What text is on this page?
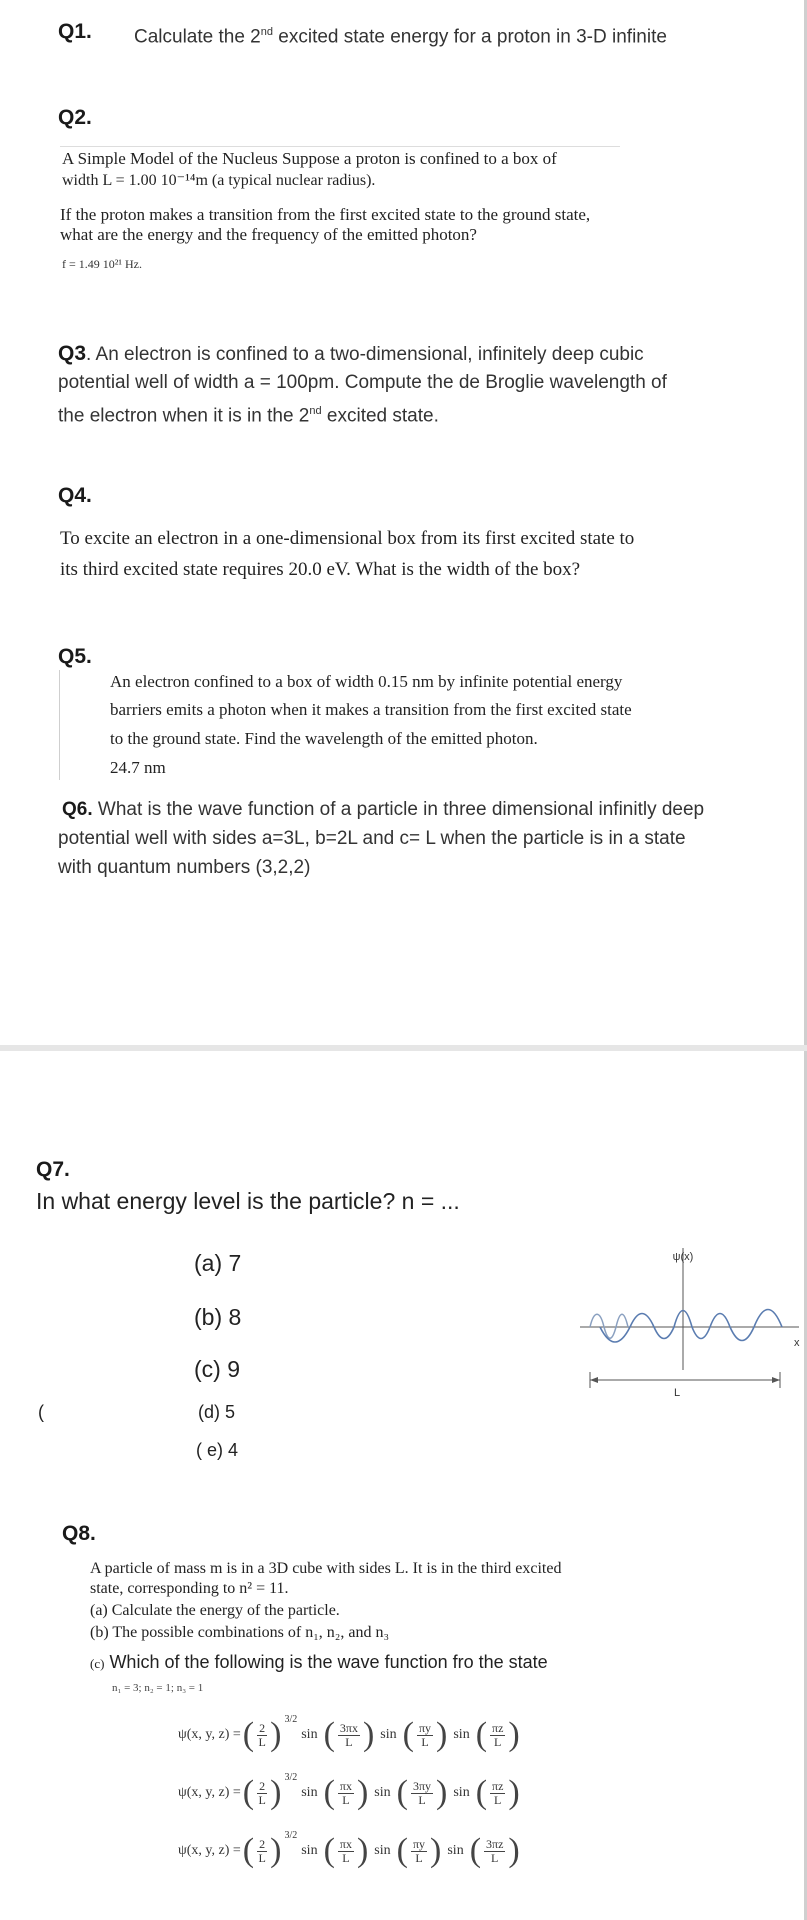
Q1. Calculate the 2nd excited state energy for a proton in 3-D infinite
Q2.
A Simple Model of the Nucleus Suppose a proton is confined to a box of
width L = 1.00 10⁻¹⁴m (a typical nuclear radius).
If the proton makes a transition from the first excited state to the ground state,
what are the energy and the frequency of the emitted photon?
f = 1.49 10²¹ Hz.
Q3. An electron is confined to a two-dimensional, infinitely deep cubic
potential well of width a = 100pm. Compute the de Broglie wavelength of
the electron when it is in the 2nd excited state.
Q4.
To excite an electron in a one-dimensional box from its first excited state to
its third excited state requires 20.0 eV. What is the width of the box?
Q5.
An electron confined to a box of width 0.15 nm by infinite potential energy
barriers emits a photon when it makes a transition from the first excited state
to the ground state. Find the wavelength of the emitted photon.
24.7 nm
Q6. What is the wave function of a particle in three dimensional infinitly deep
potential well with sides a=3L, b=2L and c= L when the particle is in a state
with quantum numbers (3,2,2)
Q7.
In what energy level is the particle? n = ...
(a) 7
(b) 8
(c) 9
(d) 5
( e) 4
(
ψ(x)
x
L
Q8.
A particle of mass m is in a 3D cube with sides L. It is in the third excited
state, corresponding to n² = 11.
(a) Calculate the energy of the particle.
(b) The possible combinations of n₁, n₂, and n₃
(c) Which of the following is the wave function fro the state
n₁ = 3; n₂ = 1; n₃ = 1
ψ(x, y, z) = ( $\frac{2}{L}$ ) 3/2
sin ( $\frac{3\pi x}{L}$ ) sin ( $\frac{\pi y}{L}$ ) sin ( $\frac{\pi z}{L}$ )
ψ(x, y, z) = ( $\frac{2}{L}$ ) 3/2
sin ( $\frac{\pi x}{L}$ ) sin ( $\frac{3\pi y}{L}$ ) sin ( $\frac{\pi z}{L}$ )
ψ(x, y, z) = ( $\frac{2}{L}$ ) 3/2
sin ( $\frac{\pi x}{L}$ ) sin ( $\frac{\pi y}{L}$ ) sin ( $\frac{3\pi z}{L}$ )
